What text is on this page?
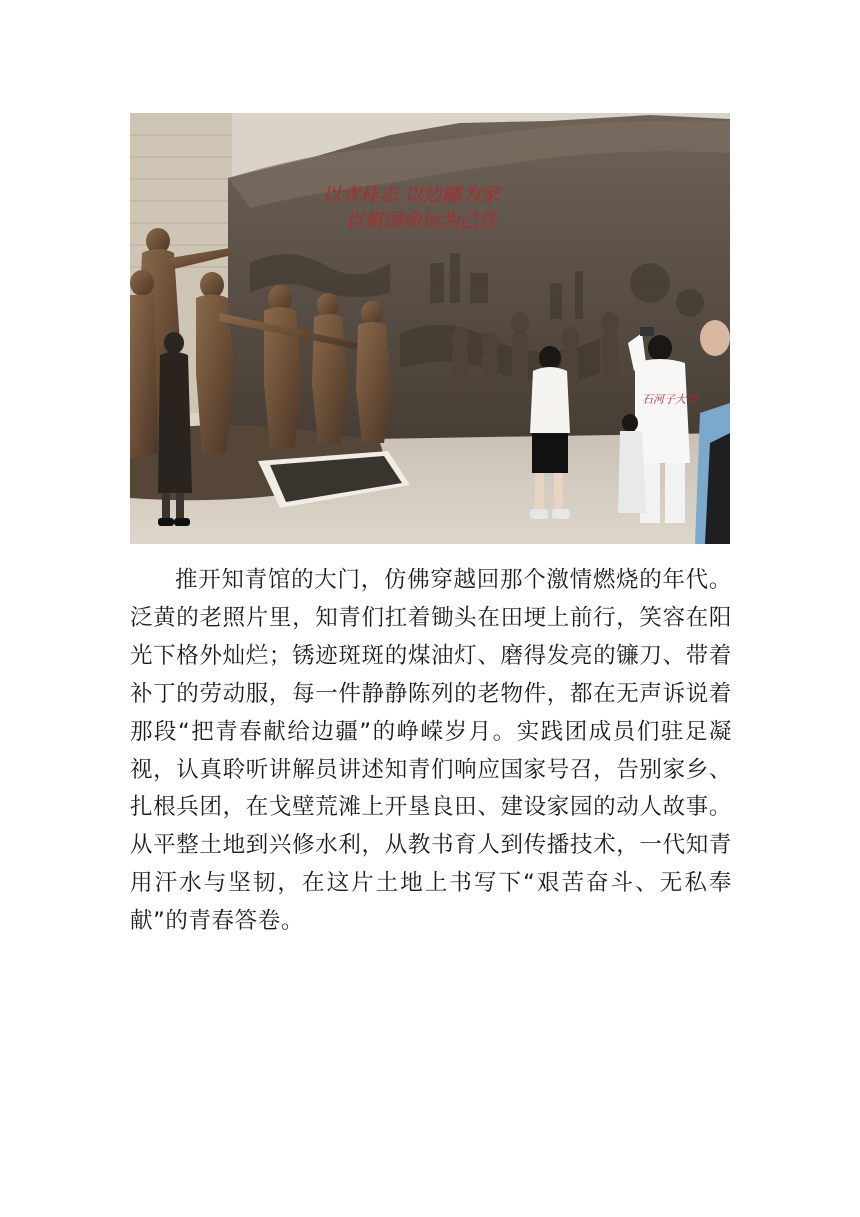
以青桂志 以边疆为家
以祖国命运为己任
石河子大学

推开知青馆的大门，仿佛穿越回那个激情燃烧的年代。泛黄的老照片里，知青们扛着锄头在田埂上前行，笑容在阳光下格外灿烂；锈迹斑斑的煤油灯、磨得发亮的镰刀、带着补丁的劳动服，每一件静静陈列的老物件，都在无声诉说着那段“把青春献给边疆”的峥嵘岁月。实践团成员们驻足凝视，认真聆听讲解员讲述知青们响应国家号召，告别家乡、扎根兵团，在戈壁荒滩上开垦良田、建设家园的动人故事。从平整土地到兴修水利，从教书育人到传播技术，一代知青用汗水与坚韧，在这片土地上书写下“艰苦奋斗、无私奉献”的青春答卷。
